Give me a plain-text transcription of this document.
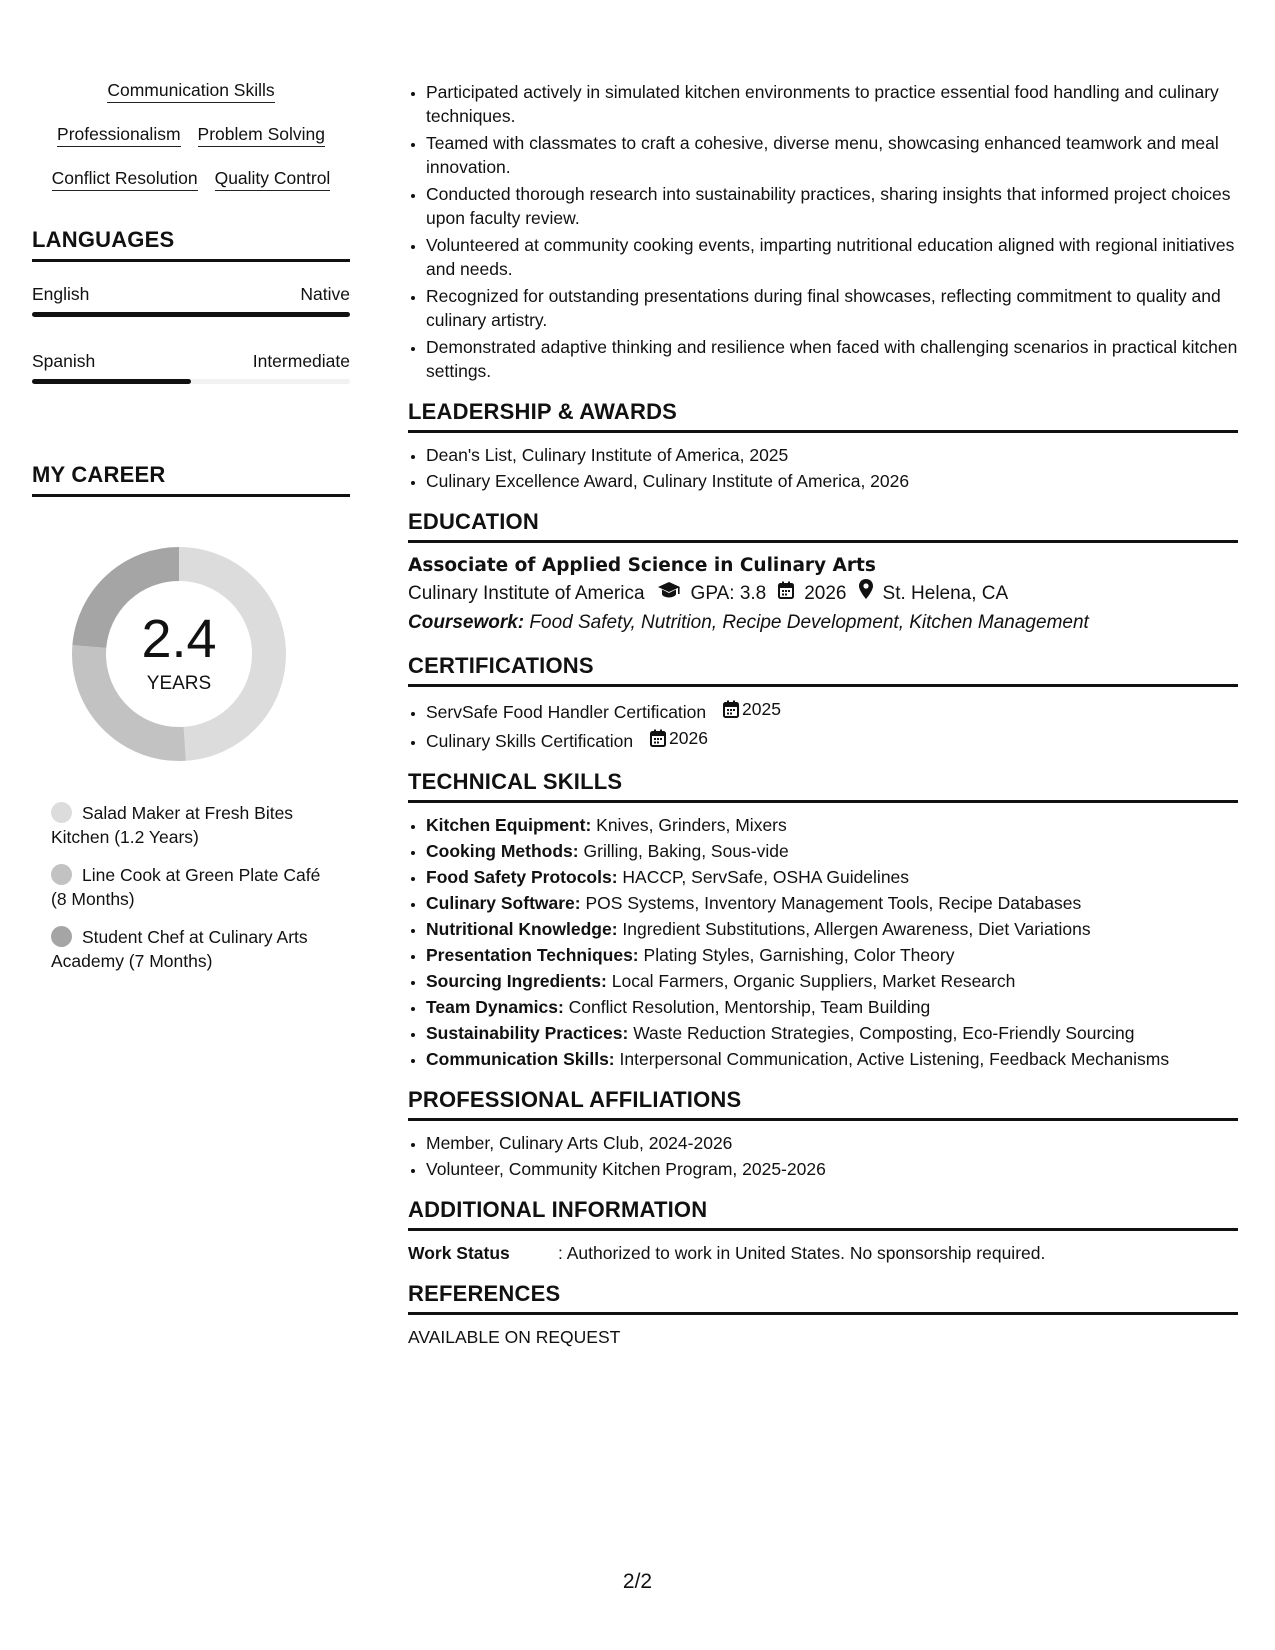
Communication Skills
Professionalism Problem Solving
Conflict Resolution Quality Control
LANGUAGES
English	Native
Spanish	Intermediate
MY CAREER
2.4
YEARS
Salad Maker at Fresh Bites Kitchen (1.2 Years)
Line Cook at Green Plate Café (8 Months)
Student Chef at Culinary Arts Academy (7 Months)
• Participated actively in simulated kitchen environments to practice essential food handling and culinary techniques.
• Teamed with classmates to craft a cohesive, diverse menu, showcasing enhanced teamwork and meal innovation.
• Conducted thorough research into sustainability practices, sharing insights that informed project choices upon faculty review.
• Volunteered at community cooking events, imparting nutritional education aligned with regional initiatives and needs.
• Recognized for outstanding presentations during final showcases, reflecting commitment to quality and culinary artistry.
• Demonstrated adaptive thinking and resilience when faced with challenging scenarios in practical kitchen settings.
LEADERSHIP & AWARDS
• Dean's List, Culinary Institute of America, 2025
• Culinary Excellence Award, Culinary Institute of America, 2026
EDUCATION
Associate of Applied Science in Culinary Arts
Culinary Institute of America GPA: 3.8 2026 St. Helena, CA
Coursework: Food Safety, Nutrition, Recipe Development, Kitchen Management
CERTIFICATIONS
• ServSafe Food Handler Certification 2025
• Culinary Skills Certification 2026
TECHNICAL SKILLS
• Kitchen Equipment: Knives, Grinders, Mixers
• Cooking Methods: Grilling, Baking, Sous-vide
• Food Safety Protocols: HACCP, ServSafe, OSHA Guidelines
• Culinary Software: POS Systems, Inventory Management Tools, Recipe Databases
• Nutritional Knowledge: Ingredient Substitutions, Allergen Awareness, Diet Variations
• Presentation Techniques: Plating Styles, Garnishing, Color Theory
• Sourcing Ingredients: Local Farmers, Organic Suppliers, Market Research
• Team Dynamics: Conflict Resolution, Mentorship, Team Building
• Sustainability Practices: Waste Reduction Strategies, Composting, Eco-Friendly Sourcing
• Communication Skills: Interpersonal Communication, Active Listening, Feedback Mechanisms
PROFESSIONAL AFFILIATIONS
• Member, Culinary Arts Club, 2024-2026
• Volunteer, Community Kitchen Program, 2025-2026
ADDITIONAL INFORMATION
Work Status	: Authorized to work in United States. No sponsorship required.
REFERENCES
AVAILABLE ON REQUEST
2/2
